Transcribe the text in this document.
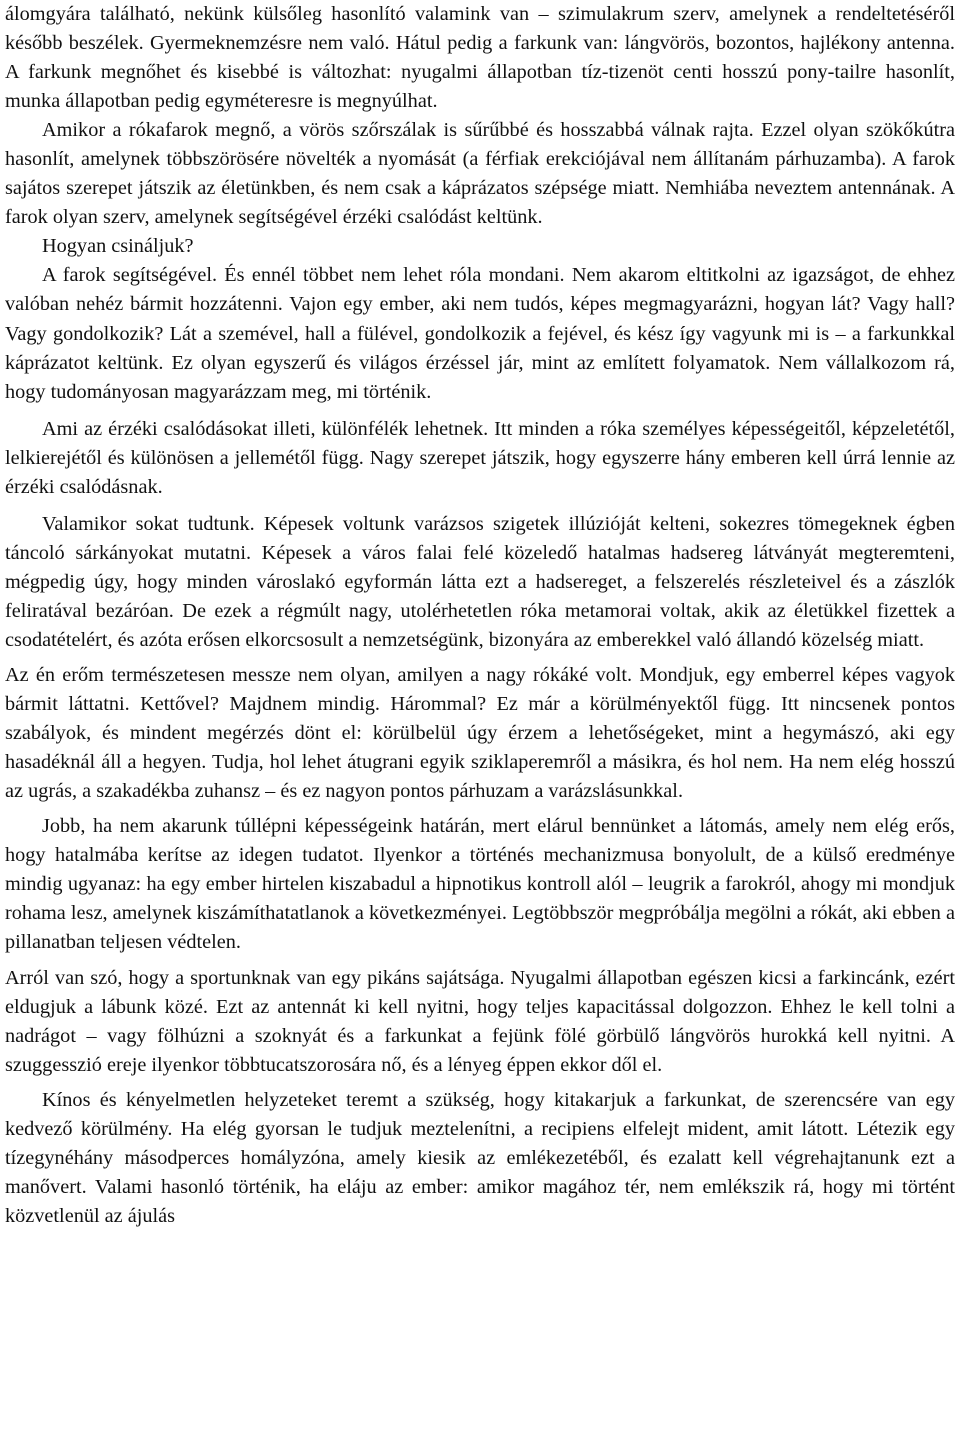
álomgyára található, nekünk külsőleg hasonlító valamink van – szimulakrum szerv, amelynek a rendeltetéséről később beszélek. Gyermeknemzésre nem való. Hátul pedig a farkunk van: lángvörös, bozontos, hajlékony antenna. A farkunk megnőhet és kisebbé is változhat: nyugalmi állapotban tíz-tizenöt centi hosszú pony-tailre hasonlít, munka állapotban pedig egyméteresre is megnyúlhat.

Amikor a rókafarok megnő, a vörös szőrszálak is sűrűbbé és hosszabbá válnak rajta. Ezzel olyan szökőkútra hasonlít, amelynek többszörösére növelték a nyomását (a férfiak erekciójával nem állítanám párhuzamba). A farok sajátos szerepet játszik az életünkben, és nem csak a káprázatos szépsége miatt. Nemhiába neveztem antennának. A farok olyan szerv, amelynek segítségével érzéki csalódást keltünk.

Hogyan csináljuk?

A farok segítségével. És ennél többet nem lehet róla mondani. Nem akarom eltitkolni az igazságot, de ehhez valóban nehéz bármit hozzátenni. Vajon egy ember, aki nem tudós, képes megmagyarázni, hogyan lát? Vagy hall? Vagy gondolkozik? Lát a szemével, hall a fülével, gondolkozik a fejével, és kész így vagyunk mi is – a farkunkkal káprázatot keltünk. Ez olyan egyszerű és világos érzéssel jár, mint az említett folyamatok. Nem vállalkozom rá, hogy tudományosan magyarázzam meg, mi történik.

Ami az érzéki csalódásokat illeti, különfélék lehetnek. Itt minden a róka személyes képességeitől, képzeletétől, lelkierejétől és különösen a jellemétől függ. Nagy szerepet játszik, hogy egyszerre hány emberen kell úrrá lennie az érzéki csalódásnak.

Valamikor sokat tudtunk. Képesek voltunk varázsos szigetek illúzióját kelteni, sokezres tömegeknek égben táncoló sárkányokat mutatni. Képesek a város falai felé közeledő hatalmas hadsereg látványát megteremteni, mégpedig úgy, hogy minden városlakó egyformán látta ezt a hadsereget, a felszerelés részleteivel és a zászlók feliratával bezáróan. De ezek a régmúlt nagy, utolérhetetlen róka metamorai voltak, akik az életükkel fizettek a csodatételért, és azóta erősen elkorcsosult a nemzetségünk, bizonyára az emberekkel való állandó közelség miatt.

Az én erőm természetesen messze nem olyan, amilyen a nagy rókáké volt. Mondjuk, egy emberrel képes vagyok bármit láttatni. Kettővel? Majdnem mindig. Hárommal? Ez már a körülményektől függ. Itt nincsenek pontos szabályok, és mindent megérzés dönt el: körülbelül úgy érzem a lehetőségeket, mint a hegymászó, aki egy hasadéknál áll a hegyen. Tudja, hol lehet átugrani egyik sziklaperemről a másikra, és hol nem. Ha nem elég hosszú az ugrás, a szakadékba zuhansz – és ez nagyon pontos párhuzam a varázslásunkkal.

Jobb, ha nem akarunk túllépni képességeink határán, mert elárul bennünket a látomás, amely nem elég erős, hogy hatalmába kerítse az idegen tudatot. Ilyenkor a történés mechanizmusa bonyolult, de a külső eredménye mindig ugyanaz: ha egy ember hirtelen kiszabadul a hipnotikus kontroll alól – leugrik a farokról, ahogy mi mondjuk rohama lesz, amelynek kiszámíthatatlanok a következményei. Legtöbbször megpróbálja megölni a rókát, aki ebben a pillanatban teljesen védtelen.

Arról van szó, hogy a sportunknak van egy pikáns sajátsága. Nyugalmi állapotban egészen kicsi a farkincánk, ezért eldugjuk a lábunk közé. Ezt az antennát ki kell nyitni, hogy teljes kapacitással dolgozzon. Ehhez le kell tolni a nadrágot – vagy fölhúzni a szoknyát és a farkunkat a fejünk fölé görbülő lángvörös hurokká kell nyitni. A szuggesszió ereje ilyenkor többtucatszorosára nő, és a lényeg éppen ekkor dől el.

Kínos és kényelmetlen helyzeteket teremt a szükség, hogy kitakarjuk a farkunkat, de szerencsére van egy kedvező körülmény. Ha elég gyorsan le tudjuk meztelenítni, a recipiens elfelejt mident, amit látott. Létezik egy tízegynéhány másodperces homályzóna, amely kiesik az emlékezetéből, és ezalatt kell végrehajtanunk ezt a manővert. Valami hasonló történik, ha eláju az ember: amikor magához tér, nem emlékszik rá, hogy mi történt közvetlenül az ájulás
